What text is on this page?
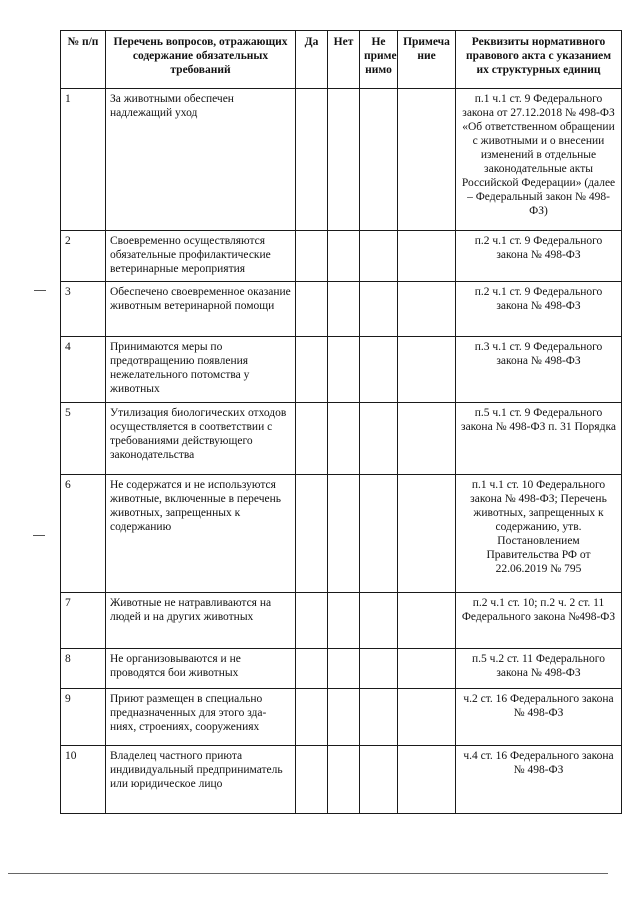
№ п/п	Перечень вопросов, отражающих содержание обязательных требований	Да	Нет	Не приме нимо	Примеча ние	Реквизиты нормативного правового акта с указанием их структурных единиц
1	За животными обеспечен надлежащий уход					п.1 ч.1 ст. 9 Федерального закона от 27.12.2018 № 498-ФЗ «Об ответственном обращении с животными и о внесении изменений в отдельные законодательные акты Российской Федерации» (далее – Федеральный закон № 498-ФЗ)
2	Своевременно осуществляются обязательные профилактические ветеринарные мероприятия					п.2 ч.1 ст. 9 Федерального закона № 498-ФЗ
3	Обеспечено своевременное оказание животным ветеринарной помощи					п.2 ч.1 ст. 9 Федерального закона № 498-ФЗ
4	Принимаются меры по предотвращению появления нежелательного потомства у животных					п.3 ч.1 ст. 9 Федерального закона № 498-ФЗ
5	Утилизация биологических отходов осуществляется в соответствии с требованиями действующего законодательства					п.5 ч.1 ст. 9 Федерального закона № 498-ФЗ п. 31 Порядка
6	Не содержатся и не используются животные, включенные в перечень животных, запрещенных к содержанию					п.1 ч.1 ст. 10 Федерального закона № 498-ФЗ; Перечень животных, запрещенных к содержанию, утв. Постановлением Правительства РФ от 22.06.2019 № 795
7	Животные не натравливаются на людей и на других животных					п.2 ч.1 ст. 10; п.2 ч. 2 ст. 11 Федерального закона №498-ФЗ
8	Не организовываются и не проводятся бои животных					п.5 ч.2 ст. 11 Федерального закона № 498-ФЗ
9	Приют размещен в специально предназначенных для этого зда-ниях, строениях, сооружениях					ч.2 ст. 16 Федерального закона № 498-ФЗ
10	Владелец частного приюта индивидуальный предприниматель или юридическое лицо					ч.4 ст. 16 Федерального закона № 498-ФЗ
